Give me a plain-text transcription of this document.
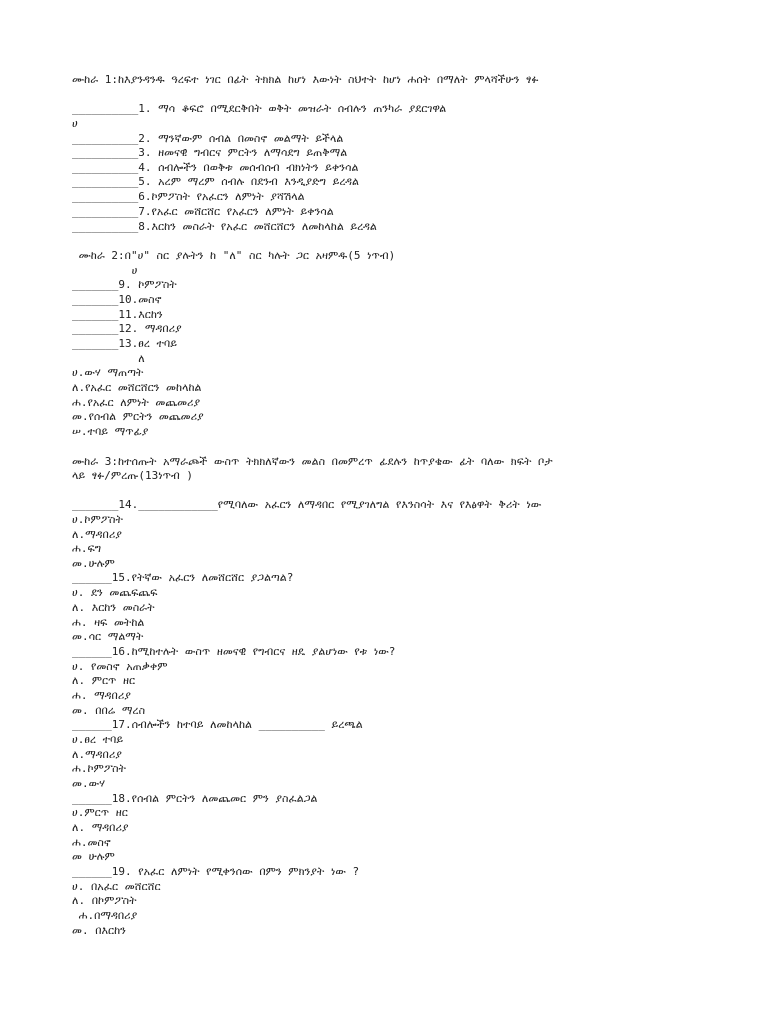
ሙከራ 1:ከእያንዳንዱ ዓረፍተ ነገር በፊት ትክክል ከሆነ እውነት ስህተት ከሆነ ሐሰት በማለት ምላሻችሁን ፃፉ
__________1. ማሳ ቆፍሮ በሚደርቅበት ወቅት መዝራት ሰብሉን ጠንካራ ያደርገዋል
ሀ
__________2. ማንኛውም ሰብል በመስኖ መልማት ይችላል
__________3. ዘመናዊ ግብርና ምርትን ለማሳደግ ይጠቅማል
__________4. ሰብሎችን በወቅቱ መሰብሰብ ብክነትን ይቀንሳል
__________5. አረም ማረም ሰብሉ በደንብ እንዲያድግ ይረዳል
__________6.ኮምፖስት የአፈርን ለምነት ያሻሽላል
__________7.የአፈር መሸርሸር የአፈርን ለምነት ይቀንሳል
__________8.እርከን መስራት የአፈር መሸርሸርን ለመከላከል ይረዳል
ሙከራ 2:በ"ሀ" ስር ያሉትን ከ "ለ" ስር ካሉት ጋር አዛምዱ(5 ነጥብ)
ሀ
_______9. ኮምፖስት
_______10.መስኖ
_______11.እርከን
_______12. ማዳበሪያ
_______13.ፀረ ተባይ
ለ
ሀ.ውሃ ማጠጣት
ለ.የአፈር መሸርሸርን መከላከል
ሐ.የአፈር ለምነት መጨመሪያ
መ.የሰብል ምርትን መጨመሪያ
ሠ.ተባይ ማጥፊያ
ሙከራ 3:ከተሰጡት አማራጮች ውስጥ ትክክለኛውን መልስ በመምረጥ ፊደሉን ከጥያቄው ፊት ባለው ክፍት ቦታ
ላይ ፃፉ/ምረጡ(13ነጥብ )
_______14.____________የሚባለው አፈርን ለማዳበር የሚያገለግል የእንስሳት እና የእፅዋት ቅሪት ነው
ሀ.ኮምፖስት
ለ.ማዳበሪያ
ሐ.ፍግ
መ.ሁሉም
______15.የትኛው አፈርን ለመሸርሸር ያጋልጣል?
ሀ. ደን መጨፍጨፍ
ለ. እርከን መስራት
ሐ. ዛፍ መትከል
መ.ሳር ማልማት
______16.ከሚከተሉት ውስጥ ዘመናዊ የግብርና ዘዴ ያልሆነው የቱ ነው?
ሀ. የመስኖ አጠቃቀም
ለ. ምርጥ ዘር
ሐ. ማዳበሪያ
መ. በበሬ ማረስ
______17.ሰብሎችን ከተባይ ለመከላከል __________ ይረጫል
ሀ.ፀረ ተባይ
ለ.ማዳበሪያ
ሐ.ኮምፖስት
መ.ውሃ
______18.የሰብል ምርትን ለመጨመር ምን ያስፈልጋል
ሀ.ምርጥ ዘር
ለ. ማዳበሪያ
ሐ.መስኖ
መ ሁሉም
______19. የአፈር ለምነት የሚቀንሰው በምን ምክንያት ነው ?
ሀ. በአፈር መሸርሸር
ለ. በኮምፖስት
ሐ.በማዳበሪያ
መ. በእርከን
